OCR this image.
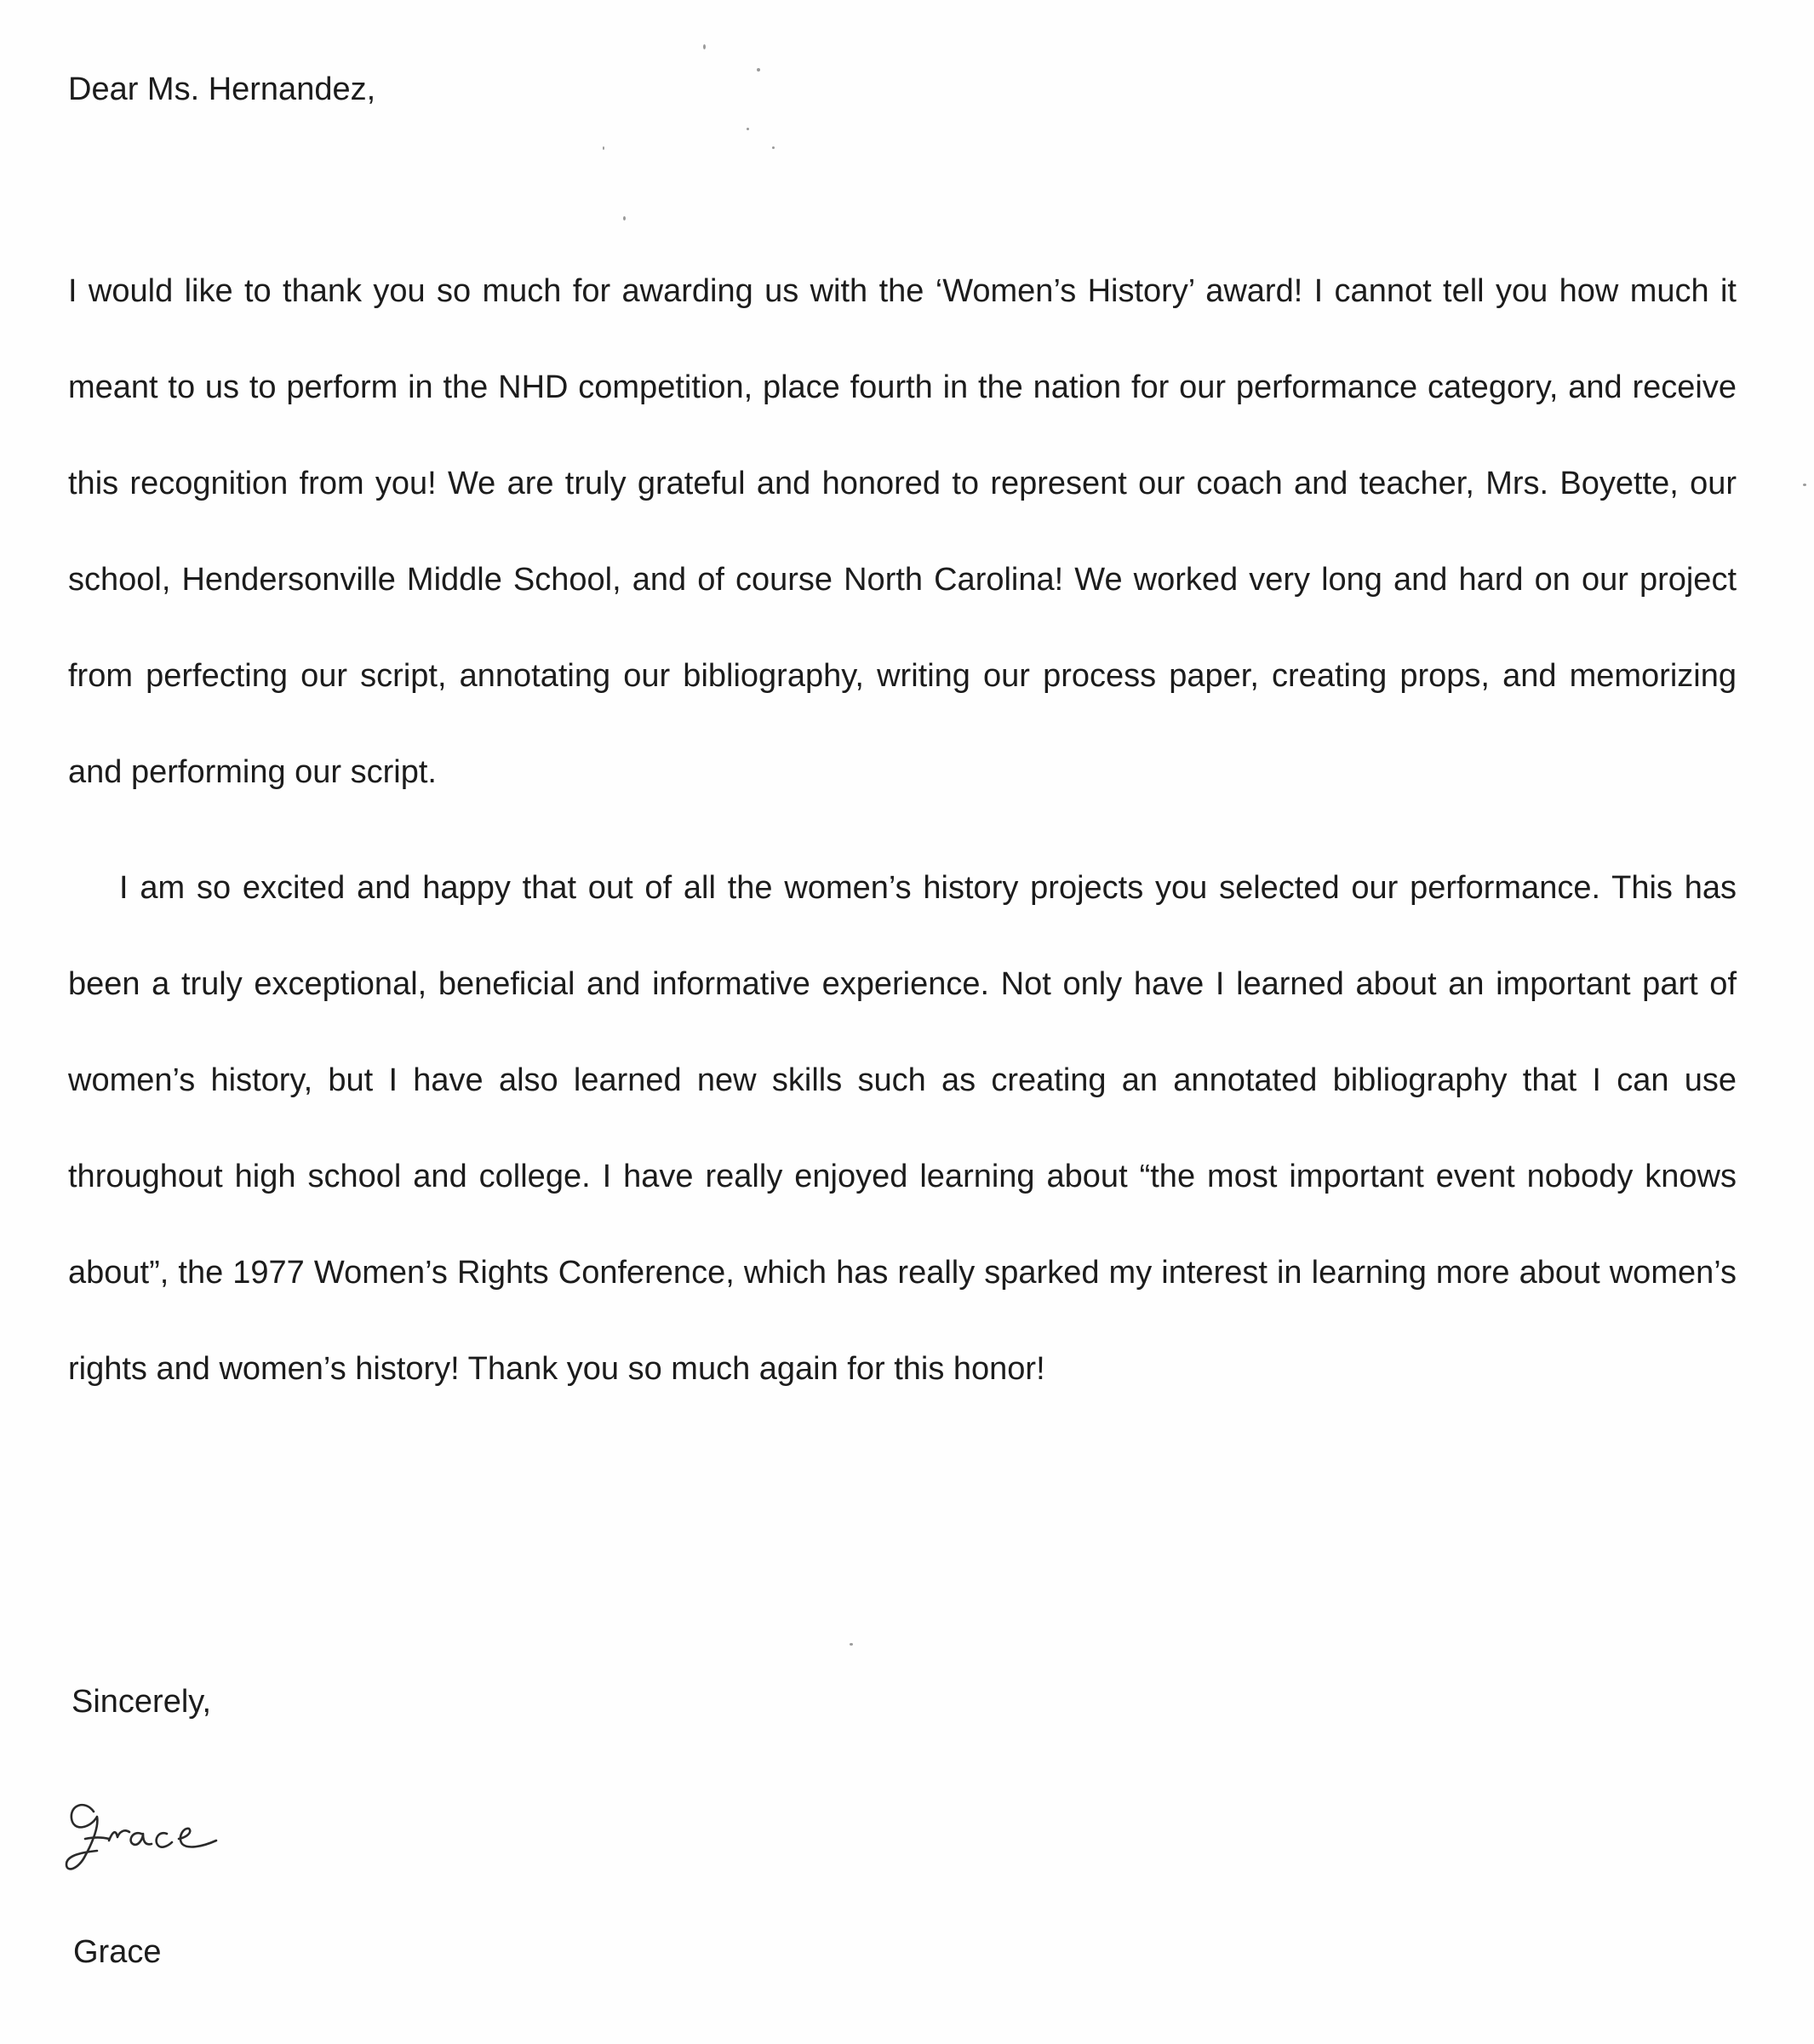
Dear Ms. Hernandez,

I would like to thank you so much for awarding us with the ‘Women’s History’ award! I cannot tell you how much it meant to us to perform in the NHD competition, place fourth in the nation for our performance category, and receive this recognition from you! We are truly grateful and honored to represent our coach and teacher, Mrs. Boyette, our school, Hendersonville Middle School, and of course North Carolina! We worked very long and hard on our project from perfecting our script, annotating our bibliography, writing our process paper, creating props, and memorizing and performing our script.

I am so excited and happy that out of all the women’s history projects you selected our performance. This has been a truly exceptional, beneficial and informative experience. Not only have I learned about an important part of women’s history, but I have also learned new skills such as creating an annotated bibliography that I can use throughout high school and college. I have really enjoyed learning about “the most important event nobody knows about”, the 1977 Women’s Rights Conference, which has really sparked my interest in learning more about women’s rights and women’s history! Thank you so much again for this honor!

Sincerely,

Grace
